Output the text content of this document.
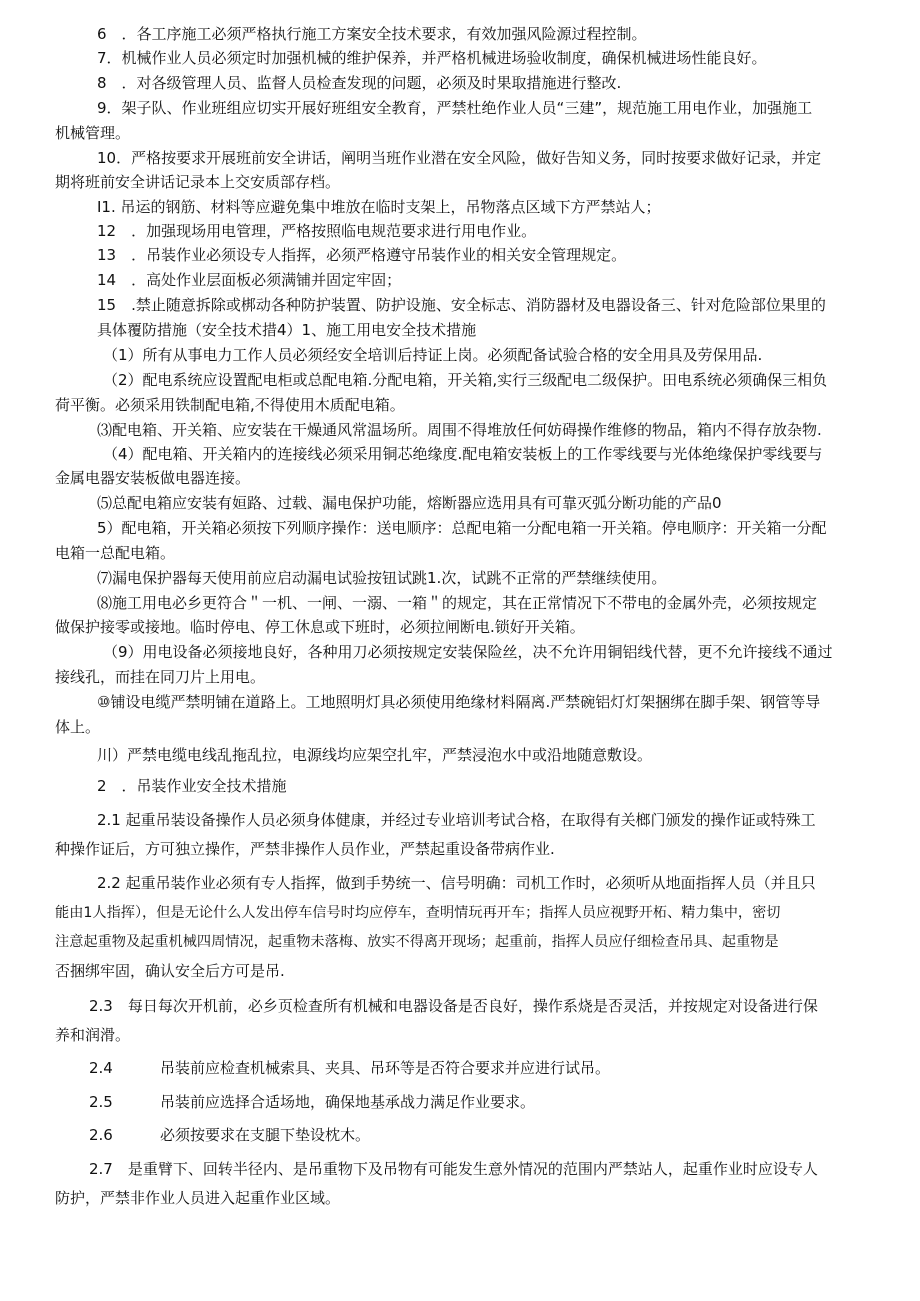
6　．各工序施工必须严格执行施工方案安全技术要求，有效加强风险源过程控制。
7．机械作业人员必须定时加强机械的维护保养，并严格机械进场验收制度，确保机械进场性能良好。
8　．对各级管理人员、监督人员检查发现的问题，必须及时果取措施进行整改.
9．架子队、作业班组应切实开展好班组安全教育，严禁杜绝作业人员“三建”，规范施工用电作业，加强施工
机械管理。
10．严格按要求开展班前安全讲话，阐明当班作业潜在安全风险，做好告知义务，同时按要求做好记录，并定
期将班前安全讲话记录本上交安质部存档。
I1. 吊运的钢筋、材料等应避免集中堆放在临时支架上，吊物落点区域下方严禁站人；
12　．加强现场用电管理，严格按照临电规范要求进行用电作业。
13　．吊装作业必须设专人指挥，必须严格遵守吊装作业的相关安全管理规定。
14　．高处作业层面板必须满铺并固定牢固；
15　.禁止随意拆除或梆动各种防护装置、防护设施、安全标志、消防器材及电器设备三、针对危险部位果里的
具体覆防措施（安全技术措4）1、施工用电安全技术措施
（1）所有从事电力工作人员必须经安全培训后持证上岗。必须配备试验合格的安全用具及劳保用品.
（2）配电系统应设置配电柜或总配电箱.分配电箱，开关箱,实行三级配电二级保护。田电系统必须确保三相负
荷平衡。必须采用铁制配电箱,不得使用木质配电箱。
⑶配电箱、开关箱、应安装在干燥通风常温场所。周围不得堆放任何妨碍操作维修的物品，箱内不得存放杂物.
（4）配电箱、开关箱内的连接线必须采用铜芯绝缘度.配电箱安装板上的工作零线要与光体绝缘保护零线要与
金属电器安装板做电器连接。
⑸总配电箱应安装有姮路、过载、漏电保护功能，熔断器应选用具有可靠灭弧分断功能的产品0
5）配电箱，开关箱必须按下列顺序操作：送电顺序：总配电箱一分配电箱一开关箱。停电顺序：开关箱一分配
电箱一总配电箱。
⑺漏电保护器每天使用前应启动漏电试验按钮试跳1.次，试跳不正常的严禁继续使用。
⑻施工用电必乡更符合＂一机、一闸、一溺、一箱＂的规定，其在正常情况下不带电的金属外壳，必须按规定
做保护接零或接地。临时停电、停工休息或下班时，必须拉闸断电.锁好开关箱。
（9）用电设备必须接地良好，各种用刀必须按规定安装保险丝，决不允许用铜铝线代替，更不允许接线不通过
接线孔，而挂在同刀片上用电。
⑩铺设电缆严禁明铺在道路上。工地照明灯具必须使用绝缘材料隔离.严禁碗铝灯灯架捆绑在脚手架、钢管等导
体上。
川）严禁电缆电线乱拖乱拉，电源线均应架空扎牢，严禁浸泡水中或沿地随意敷设。
2　．吊装作业安全技术措施
2.1 起重吊装设备操作人员必须身体健康，并经过专业培训考试合格，在取得有关榔门颁发的操作证或特殊工
种操作证后，方可独立操作，严禁非操作人员作业，严禁起重设备带病作业.
2.2 起重吊装作业必须有专人指挥，做到手势统一、信号明确：司机工作时，必须听从地面指挥人员（并且只
能由1人指挥），但是无论什么人发出停车信号时均应停车，查明情玩再开车；指挥人员应视野开柘、精力集中，密切
注意起重物及起重机械四周情况，起重物未落梅、放实不得离开现场；起重前，指挥人员应仔细检查吊具、起重物是
否捆绑牢固，确认安全后方可是吊.
2.3　每日每次开机前，必乡页检查所有机械和电器设备是否良好，操作系烧是否灵活，并按规定对设备进行保
养和润滑。
2.4	吊装前应检查机械索具、夹具、吊环等是否符合要求并应进行试吊。
2.5	吊装前应选择合适场地，确保地基承战力满足作业要求。
2.6	必须按要求在支腿下垫设枕木。
2.7　是重臂下、回转半径内、是吊重物下及吊物有可能发生意外情况的范围内严禁站人，起重作业时应设专人
防护，严禁非作业人员进入起重作业区域。
